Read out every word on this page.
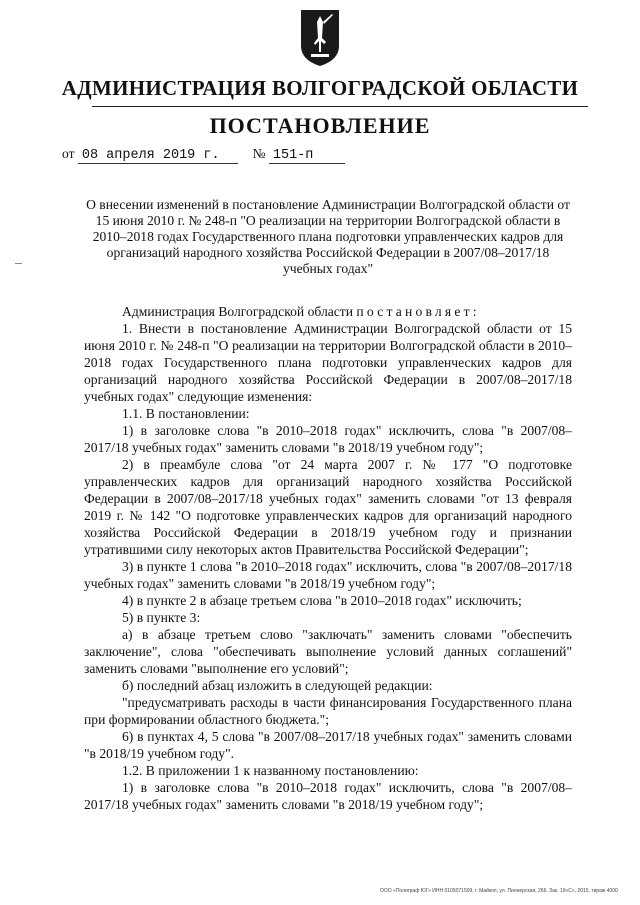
АДМИНИСТРАЦИЯ ВОЛГОГРАДСКОЙ ОБЛАСТИ
ПОСТАНОВЛЕНИЕ
от 08 апреля 2019 г. № 151-п
О внесении изменений в постановление Администрации Волгоградской области от 15 июня 2010 г. № 248-п "О реализации на территории Волгоградской области в 2010–2018 годах Государственного плана подготовки управленческих кадров для организаций народного хозяйства Российской Федерации в 2007/08–2017/18 учебных годах"

Администрация Волгоградской области постановляет:

1. Внести в постановление Администрации Волгоградской области от 15 июня 2010 г. № 248-п "О реализации на территории Волгоградской области в 2010–2018 годах Государственного плана подготовки управленческих кадров для организаций народного хозяйства Российской Федерации в 2007/08–2017/18 учебных годах" следующие изменения:

1.1. В постановлении:

1) в заголовке слова "в 2010–2018 годах" исключить, слова "в 2007/08–2017/18 учебных годах" заменить словами "в 2018/19 учебном году";

2) в преамбуле слова "от 24 марта 2007 г. № 177 "О подготовке управленческих кадров для организаций народного хозяйства Российской Федерации в 2007/08–2017/18 учебных годах" заменить словами "от 13 февраля 2019 г. № 142 "О подготовке управленческих кадров для организаций народного хозяйства Российской Федерации в 2018/19 учебном году и признании утратившими силу некоторых актов Правительства Российской Федерации";

3) в пункте 1 слова "в 2010–2018 годах" исключить, слова "в 2007/08–2017/18 учебных годах" заменить словами "в 2018/19 учебном году";

4) в пункте 2 в абзаце третьем слова "в 2010–2018 годах" исключить;

5) в пункте 3:

а) в абзаце третьем слово "заключать" заменить словами "обеспечить заключение", слова "обеспечивать выполнение условий данных соглашений" заменить словами "выполнение его условий";

б) последний абзац изложить в следующей редакции:

"предусматривать расходы в части финансирования Государственного плана при формировании областного бюджета.";

6) в пунктах 4, 5 слова "в 2007/08–2017/18 учебных годах" заменить словами "в 2018/19 учебном году".

1.2. В приложении 1 к названному постановлению:

1) в заголовке слова "в 2010–2018 годах" исключить, слова "в 2007/08–2017/18 учебных годах" заменить словами "в 2018/19 учебном году";

ООО «Полиграф ЮГ» ИНН 0105071509, г. Майкоп, ул. Пионерская, 266. Зак. 19«С», 2015, тираж 4000
